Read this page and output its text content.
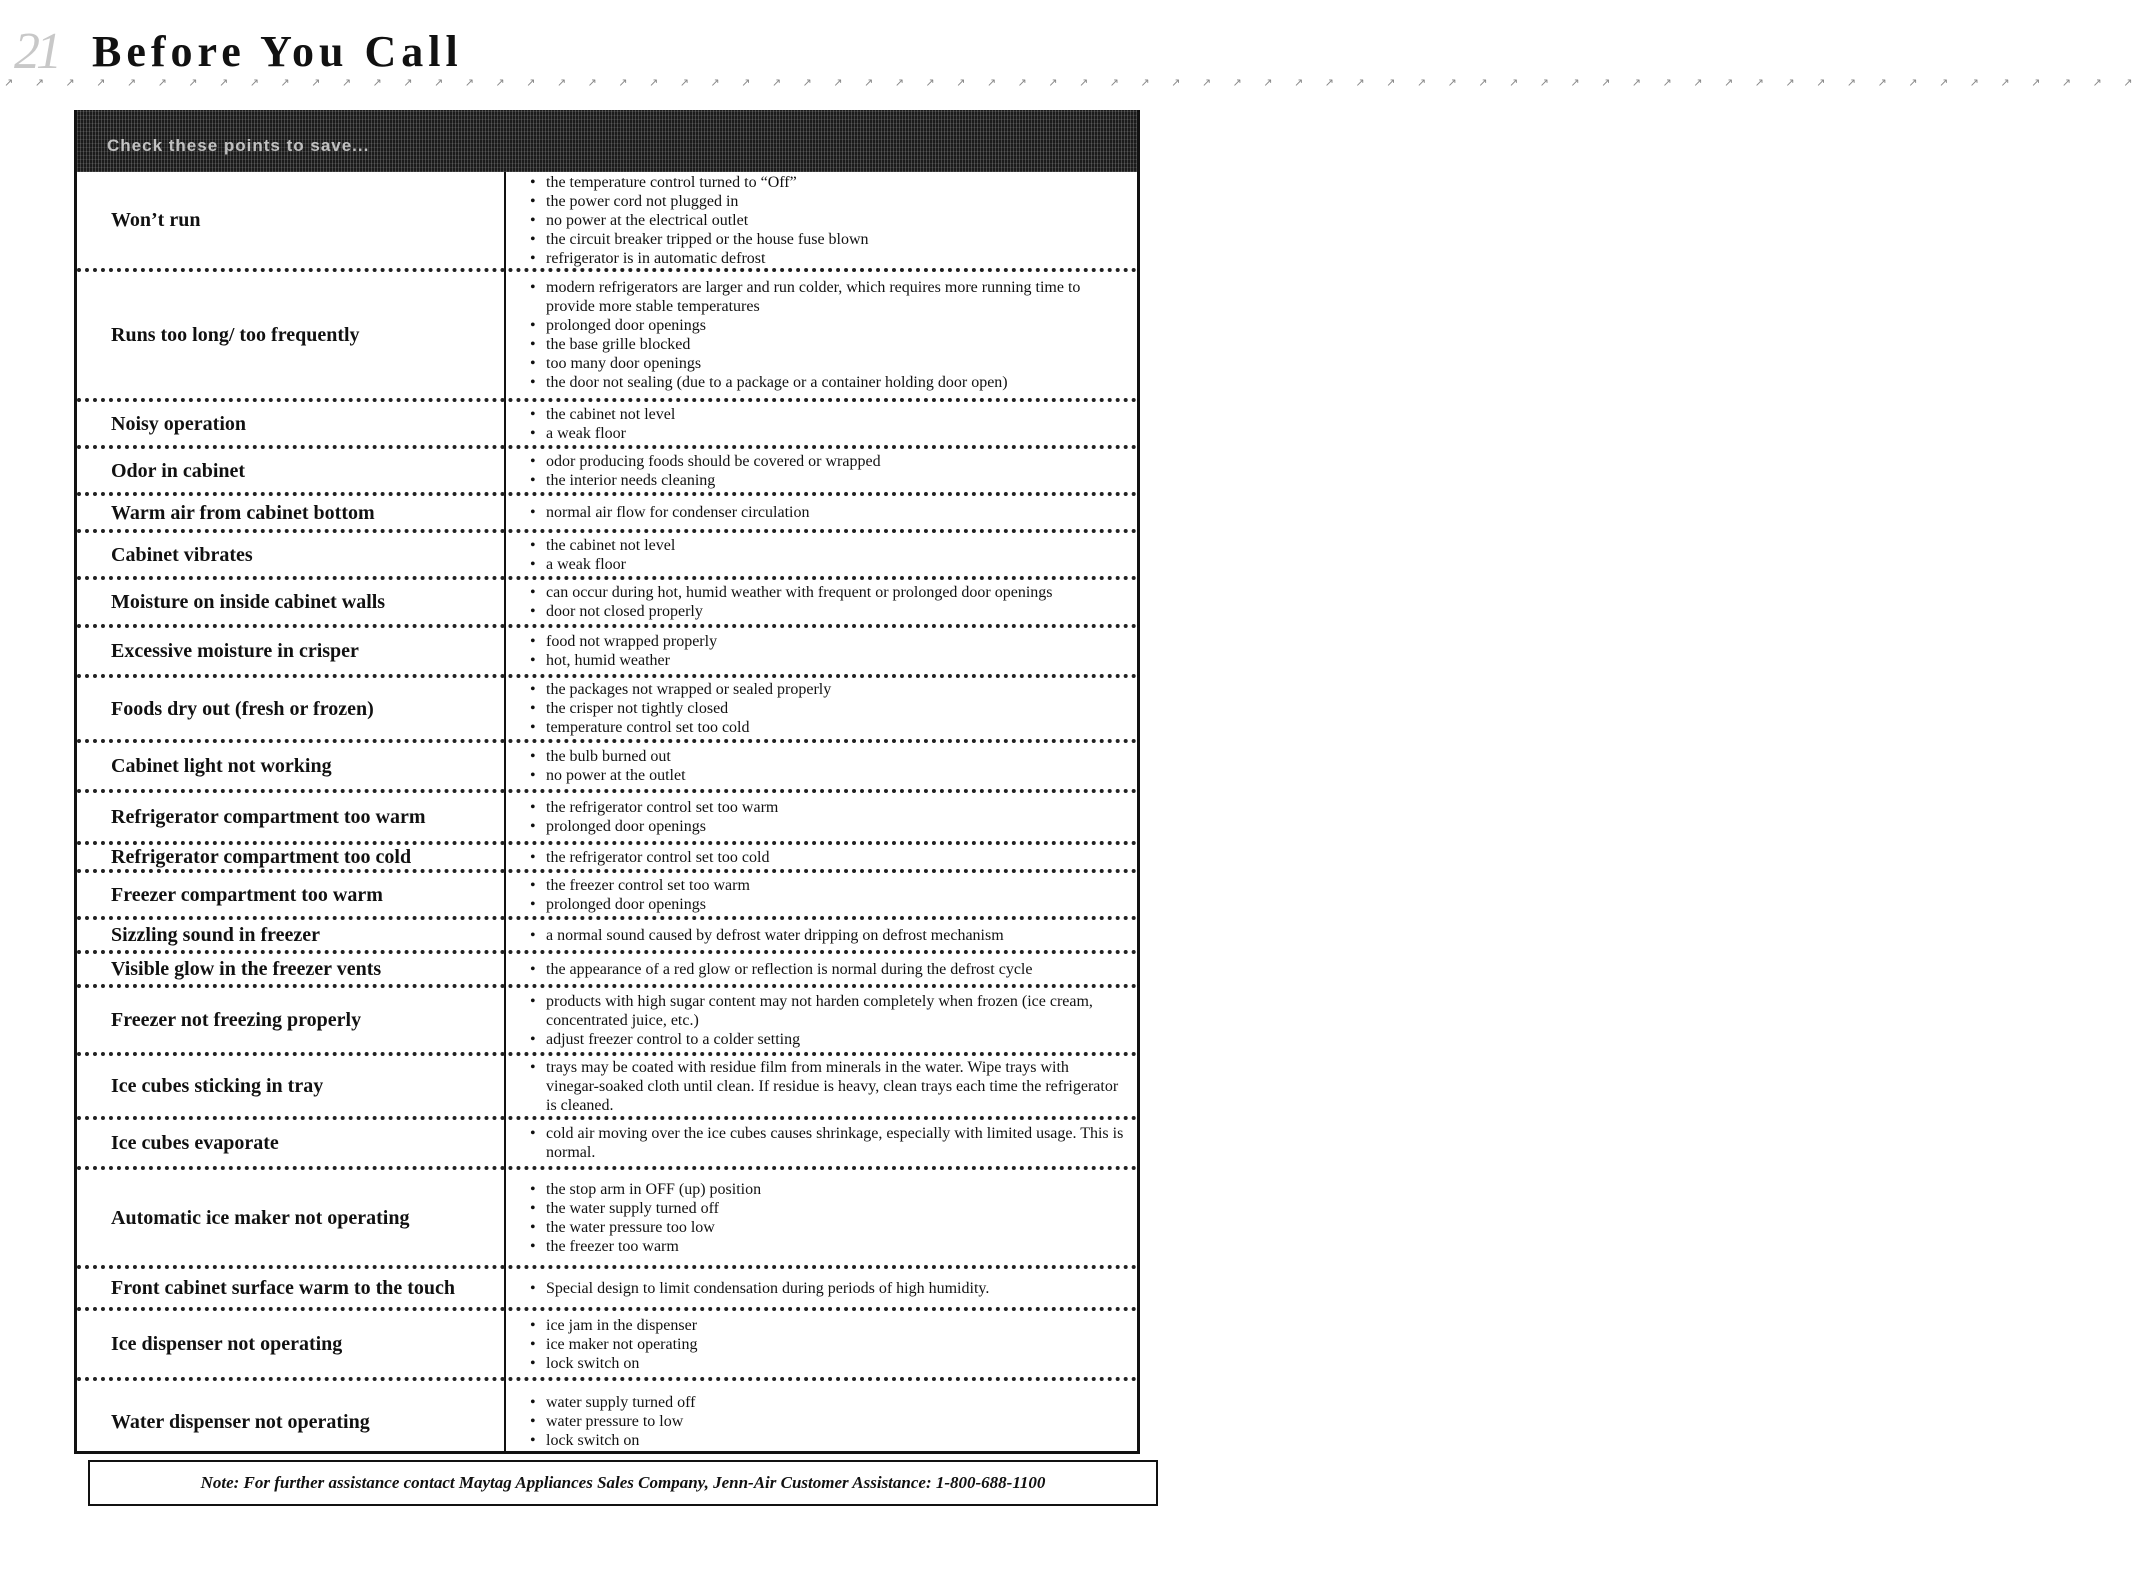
21 Before You Call
↗ ↗ ↗ ↗ ↗ ↗ ↗ ↗ ↗ ↗ ↗ ↗ ↗ ↗ ↗ ↗ ↗ ↗ ↗ ↗ ↗ ↗ ↗ ↗ ↗ ↗ ↗ ↗ ↗ ↗ ↗ ↗ ↗ ↗ ↗ ↗ ↗ ↗ ↗ ↗ ↗ ↗ ↗ ↗ ↗ ↗ ↗ ↗ ↗ ↗ ↗ ↗ ↗ ↗ ↗ ↗ ↗ ↗ ↗ ↗ ↗ ↗ ↗ ↗ ↗ ↗ ↗ ↗ ↗ ↗
Check these points to save...
Won’t run
• the temperature control turned to “Off”
• the power cord not plugged in
• no power at the electrical outlet
• the circuit breaker tripped or the house fuse blown
• refrigerator is in automatic defrost
Runs too long/ too frequently
• modern refrigerators are larger and run colder, which requires more running time to provide more stable temperatures
• prolonged door openings
• the base grille blocked
• too many door openings
• the door not sealing (due to a package or a container holding door open)
Noisy operation	• the cabinet not level
• a weak floor
Odor in cabinet	• odor producing foods should be covered or wrapped
• the interior needs cleaning
Warm air from cabinet bottom	• normal air flow for condenser circulation
Cabinet vibrates	• the cabinet not level
• a weak floor
Moisture on inside cabinet walls	• can occur during hot, humid weather with frequent or prolonged door openings
• door not closed properly
Excessive moisture in crisper	• food not wrapped properly
• hot, humid weather
Foods dry out (fresh or frozen)
• the packages not wrapped or sealed properly
• the crisper not tightly closed
• temperature control set too cold
Cabinet light not working	• the bulb burned out
• no power at the outlet
Refrigerator compartment too warm	• the refrigerator control set too warm
• prolonged door openings
Refrigerator compartment too cold	• the refrigerator control set too cold
Freezer compartment too warm	• the freezer control set too warm
• prolonged door openings
Sizzling sound in freezer	• a normal sound caused by defrost water dripping on defrost mechanism
Visible glow in the freezer vents	• the appearance of a red glow or reflection is normal during the defrost cycle
Freezer not freezing properly
• products with high sugar content may not harden completely when frozen (ice cream, concentrated juice, etc.)
• adjust freezer control to a colder setting
Ice cubes sticking in tray
• trays may be coated with residue film from minerals in the water. Wipe trays with vinegar-soaked cloth until clean. If residue is heavy, clean trays each time the refrigerator is cleaned.
Ice cubes evaporate	• cold air moving over the ice cubes causes shrinkage, especially with limited usage. This is normal.
Automatic ice maker not operating
• the stop arm in OFF (up) position
• the water supply turned off
• the water pressure too low
• the freezer too warm
Front cabinet surface warm to the touch	• Special design to limit condensation during periods of high humidity.
Ice dispenser not operating
• ice jam in the dispenser
• ice maker not operating
• lock switch on
Water dispenser not operating
• water supply turned off
• water pressure to low
• lock switch on
Note: For further assistance contact Maytag Appliances Sales Company, Jenn-Air Customer Assistance: 1-800-688-1100
